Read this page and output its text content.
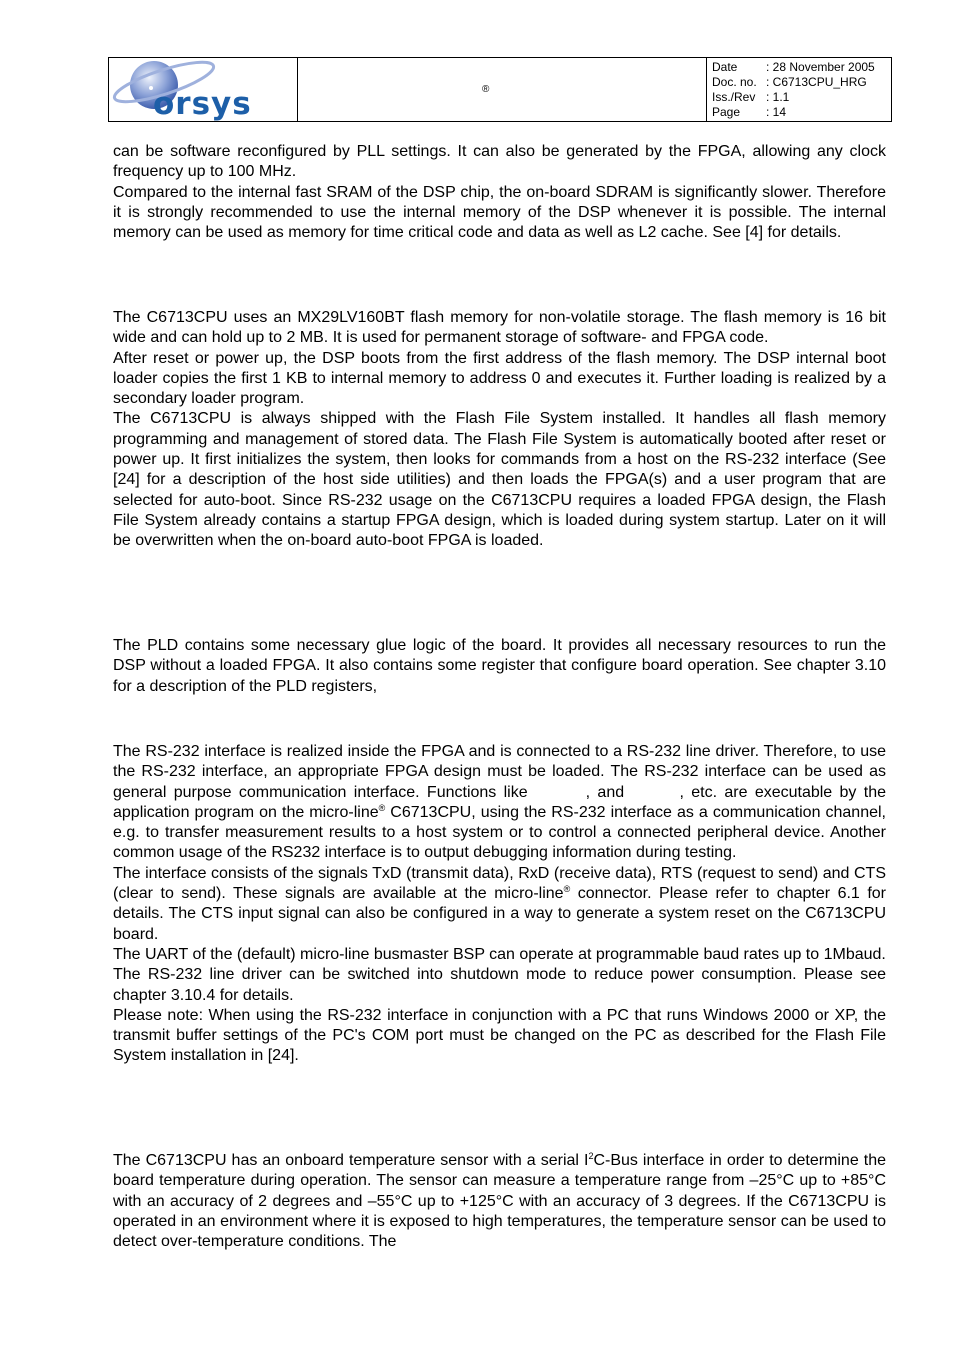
orsys	®
Date	: 28 November 2005
Doc. no. : C6713CPU_HRG
Iss./Rev : 1.1
Page	: 14

can be software reconfigured by PLL settings. It can also be generated by the FPGA, allowing any clock frequency up to 100 MHz.

Compared to the internal fast SRAM of the DSP chip, the on-board SDRAM is significantly slower. Therefore it is strongly recommended to use the internal memory of the DSP whenever it is possible. The internal memory can be used as memory for time critical code and data as well as L2 cache. See [4] for details.

The C6713CPU uses an MX29LV160BT flash memory for non-volatile storage. The flash memory is 16 bit wide and can hold up to 2 MB. It is used for permanent storage of software- and FPGA code.

After reset or power up, the DSP boots from the first address of the flash memory. The DSP internal boot loader copies the first 1 KB to internal memory to address 0 and executes it. Further loading is realized by a secondary loader program.

The C6713CPU is always shipped with the Flash File System installed. It handles all flash memory programming and management of stored data. The Flash File System is automatically booted after reset or power up. It first initializes the system, then looks for commands from a host on the RS-232 interface (See [24] for a description of the host side utilities) and then loads the FPGA(s) and a user program that are selected for auto-boot. Since RS-232 usage on the C6713CPU requires a loaded FPGA design, the Flash File System already contains a startup FPGA design, which is loaded during system startup. Later on it will be overwritten when the on-board auto-boot FPGA is loaded.

The PLD contains some necessary glue logic of the board. It provides all necessary resources to run the DSP without a loaded FPGA. It also contains some register that configure board operation. See chapter 3.10 for a description of the PLD registers,

The RS-232 interface is realized inside the FPGA and is connected to a RS-232 line driver. Therefore, to use the RS-232 interface, an appropriate FPGA design must be loaded. The RS-232 interface can be used as general purpose communication interface. Functions like	, and	, etc. are executable by the application program on the micro-line® C6713CPU, using the RS-232 interface as a communication channel, e.g. to transfer measurement results to a host system or to control a connected peripheral device. Another common usage of the RS232 interface is to output debugging information during testing.

The interface consists of the signals TxD (transmit data), RxD (receive data), RTS (request to send) and CTS (clear to send). These signals are available at the micro-line® connector. Please refer to chapter 6.1 for details. The CTS input signal can also be configured in a way to generate a system reset on the C6713CPU board.

The UART of the (default) micro-line busmaster BSP can operate at programmable baud rates up to 1Mbaud.

The RS-232 line driver can be switched into shutdown mode to reduce power consumption. Please see chapter 3.10.4 for details.

Please note: When using the RS-232 interface in conjunction with a PC that runs Windows 2000 or XP, the transmit buffer settings of the PC's COM port must be changed on the PC as described for the Flash File System installation in [24].

The C6713CPU has an onboard temperature sensor with a serial $I^2C$-Bus interface in order to determine the board temperature during operation. The sensor can measure a temperature range from –25°C up to +85°C with an accuracy of 2 degrees and –55°C up to +125°C with an accuracy of 3 degrees. If the C6713CPU is operated in an environment where it is exposed to high temperatures, the temperature sensor can be used to detect over-temperature conditions. The
